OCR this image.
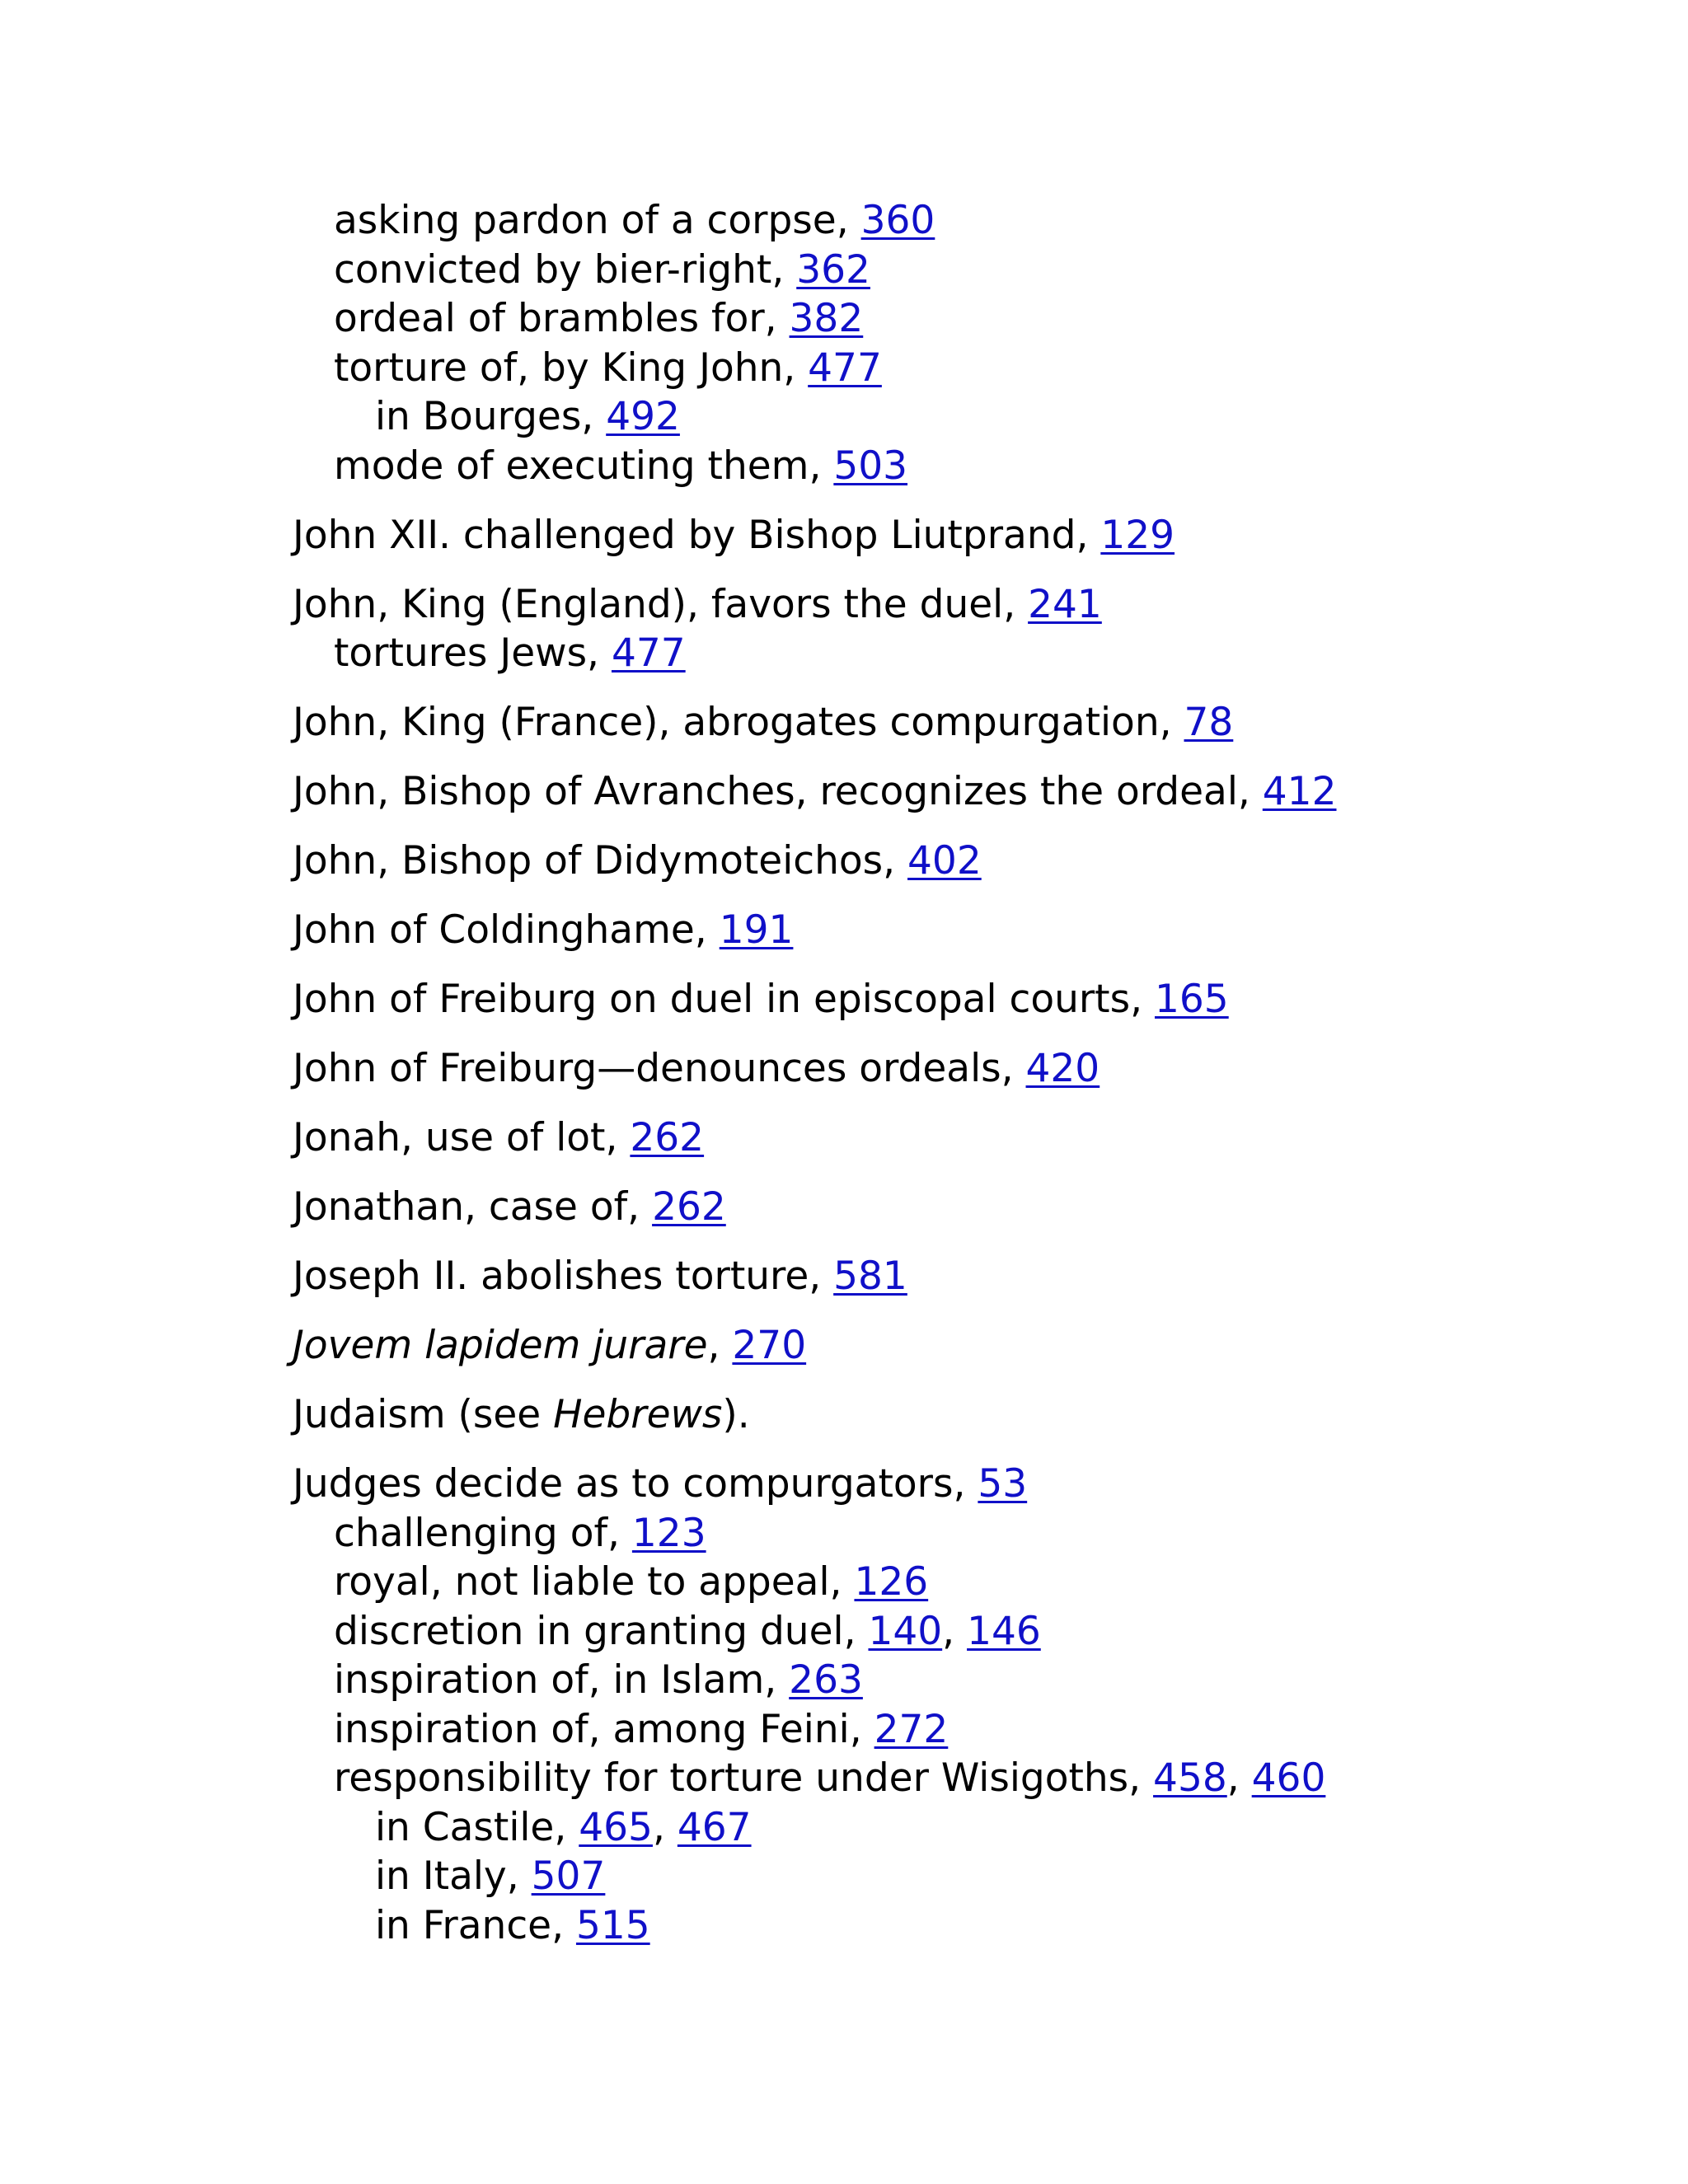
asking pardon of a corpse, 360
convicted by bier-right, 362
ordeal of brambles for, 382
torture of, by King John, 477
in Bourges, 492
mode of executing them, 503
John XII. challenged by Bishop Liutprand, 129
John, King (England), favors the duel, 241
tortures Jews, 477
John, King (France), abrogates compurgation, 78
John, Bishop of Avranches, recognizes the ordeal, 412
John, Bishop of Didymoteichos, 402
John of Coldinghame, 191
John of Freiburg on duel in episcopal courts, 165
John of Freiburg—denounces ordeals, 420
Jonah, use of lot, 262
Jonathan, case of, 262
Joseph II. abolishes torture, 581
Jovem lapidem jurare, 270
Judaism (see Hebrews).
Judges decide as to compurgators, 53
challenging of, 123
royal, not liable to appeal, 126
discretion in granting duel, 140, 146
inspiration of, in Islam, 263
inspiration of, among Feini, 272
responsibility for torture under Wisigoths, 458, 460
in Castile, 465, 467
in Italy, 507
in France, 515
